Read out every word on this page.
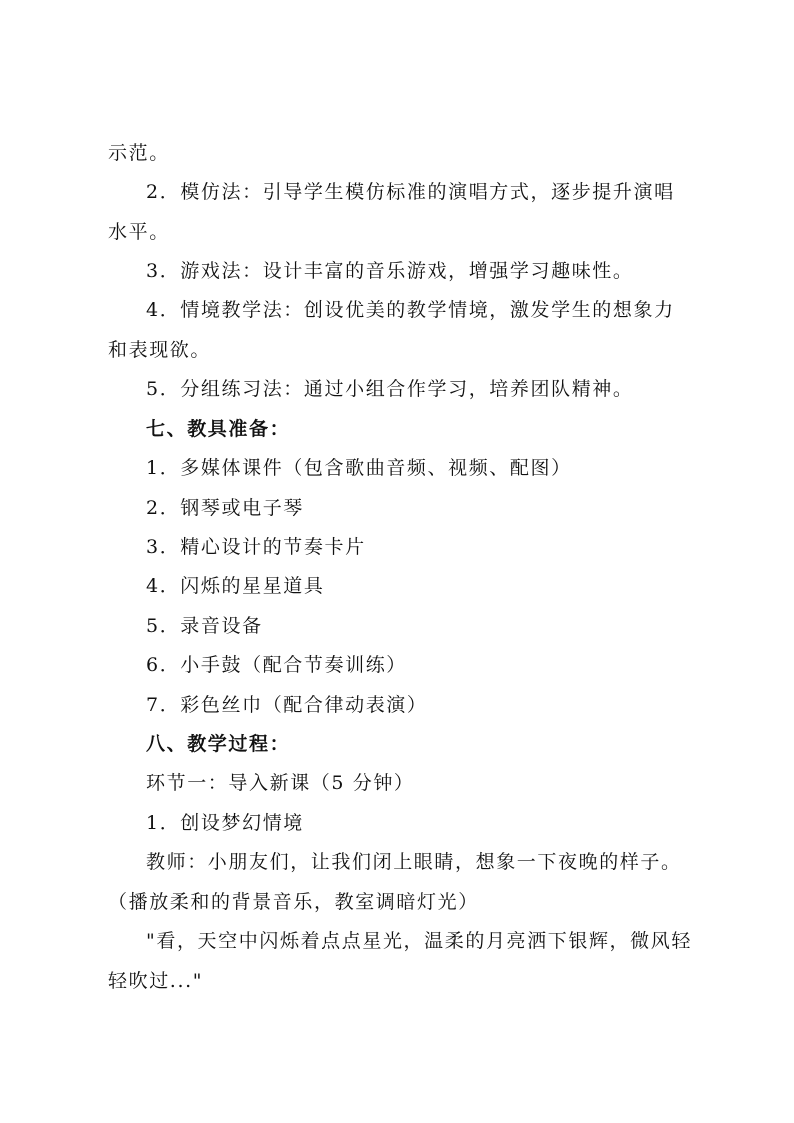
示范。
2．模仿法：引导学生模仿标准的演唱方式，逐步提升演唱
水平。
3．游戏法：设计丰富的音乐游戏，增强学习趣味性。
4．情境教学法：创设优美的教学情境，激发学生的想象力
和表现欲。
5．分组练习法：通过小组合作学习，培养团队精神。
七、教具准备：
1．多媒体课件（包含歌曲音频、视频、配图）
2．钢琴或电子琴
3．精心设计的节奏卡片
4．闪烁的星星道具
5．录音设备
6．小手鼓（配合节奏训练）
7．彩色丝巾（配合律动表演）
八、教学过程：
环节一：导入新课（5 分钟）
1．创设梦幻情境
教师：小朋友们，让我们闭上眼睛，想象一下夜晚的样子。
（播放柔和的背景音乐，教室调暗灯光）
"看，天空中闪烁着点点星光，温柔的月亮洒下银辉，微风轻
轻吹过..."
